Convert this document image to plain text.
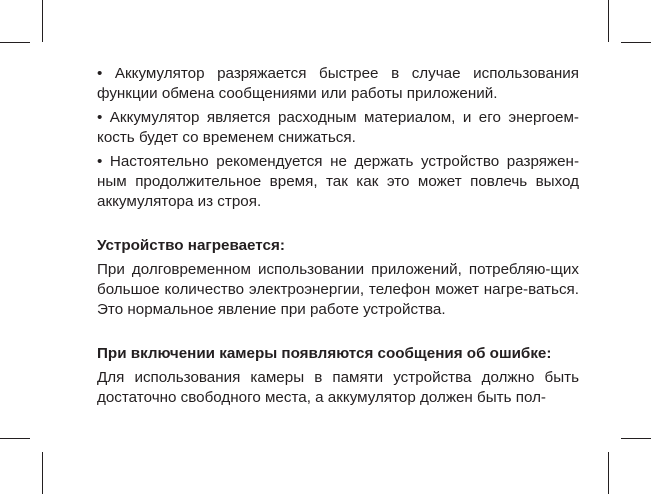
• Аккумулятор разряжается быстрее в случае использования функции обмена сообщениями или работы приложений.

• Аккумулятор является расходным материалом, и его энергоем-кость будет со временем снижаться.

• Настоятельно рекомендуется не держать устройство разряжен-ным продолжительное время, так как это может повлечь выход аккумулятора из строя.

Устройство нагревается:

При долговременном использовании приложений, потребляю-щих большое количество электроэнергии, телефон может нагре-ваться. Это нормальное явление при работе устройства.

При включении камеры появляются сообщения об ошибке:

Для использования камеры в памяти устройства должно быть достаточно свободного места, а аккумулятор должен быть пол-
